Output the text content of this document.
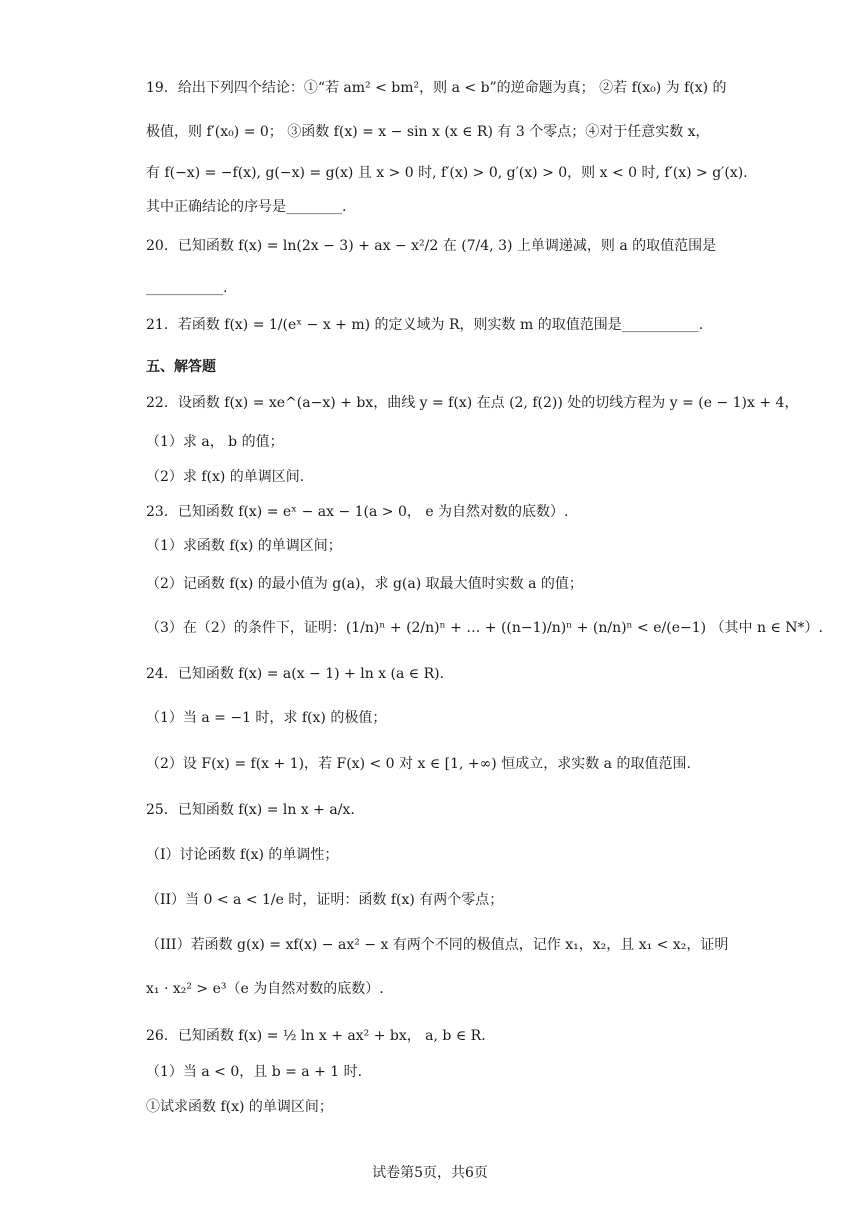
19．给出下列四个结论：①“若 am² < bm²，则 a < b”的逆命题为真； ②若 f(x₀) 为 f(x) 的
极值，则 f′(x₀) = 0； ③函数 f(x) = x − sin x (x ∈ R) 有 3 个零点；④对于任意实数 x，
有 f(−x) = −f(x), g(−x) = g(x) 且 x > 0 时, f′(x) > 0, g′(x) > 0，则 x < 0 时, f′(x) > g′(x).
其中正确结论的序号是________.
20．已知函数 f(x) = ln(2x − 3) + ax − x²/2 在 (7/4, 3) 上单调递减，则 a 的取值范围是
___________.
21．若函数 f(x) = 1/(eˣ − x + m) 的定义域为 R，则实数 m 的取值范围是___________.
五、解答题
22．设函数 f(x) = xe^(a−x) + bx，曲线 y = f(x) 在点 (2, f(2)) 处的切线方程为 y = (e − 1)x + 4，
（1）求 a， b 的值；
（2）求 f(x) 的单调区间.
23．已知函数 f(x) = eˣ − ax − 1(a > 0， e 为自然对数的底数）.
（1）求函数 f(x) 的单调区间；
（2）记函数 f(x) 的最小值为 g(a)，求 g(a) 取最大值时实数 a 的值；
（3）在（2）的条件下，证明：(1/n)ⁿ + (2/n)ⁿ + … + ((n−1)/n)ⁿ + (n/n)ⁿ < e/(e−1) （其中 n ∈ N*）.
24．已知函数 f(x) = a(x − 1) + ln x (a ∈ R).
（1）当 a = −1 时，求 f(x) 的极值；
（2）设 F(x) = f(x + 1)，若 F(x) < 0 对 x ∈ [1, +∞) 恒成立，求实数 a 的取值范围.
25．已知函数 f(x) = ln x + a/x.
（I）讨论函数 f(x) 的单调性；
（II）当 0 < a < 1/e 时，证明：函数 f(x) 有两个零点；
（III）若函数 g(x) = xf(x) − ax² − x 有两个不同的极值点，记作 x₁，x₂，且 x₁ < x₂，证明
x₁ · x₂² > e³（e 为自然对数的底数）.
26．已知函数 f(x) = ½ ln x + ax² + bx， a, b ∈ R.
（1）当 a < 0，且 b = a + 1 时.
①试求函数 f(x) 的单调区间；
试卷第5页，共6页
